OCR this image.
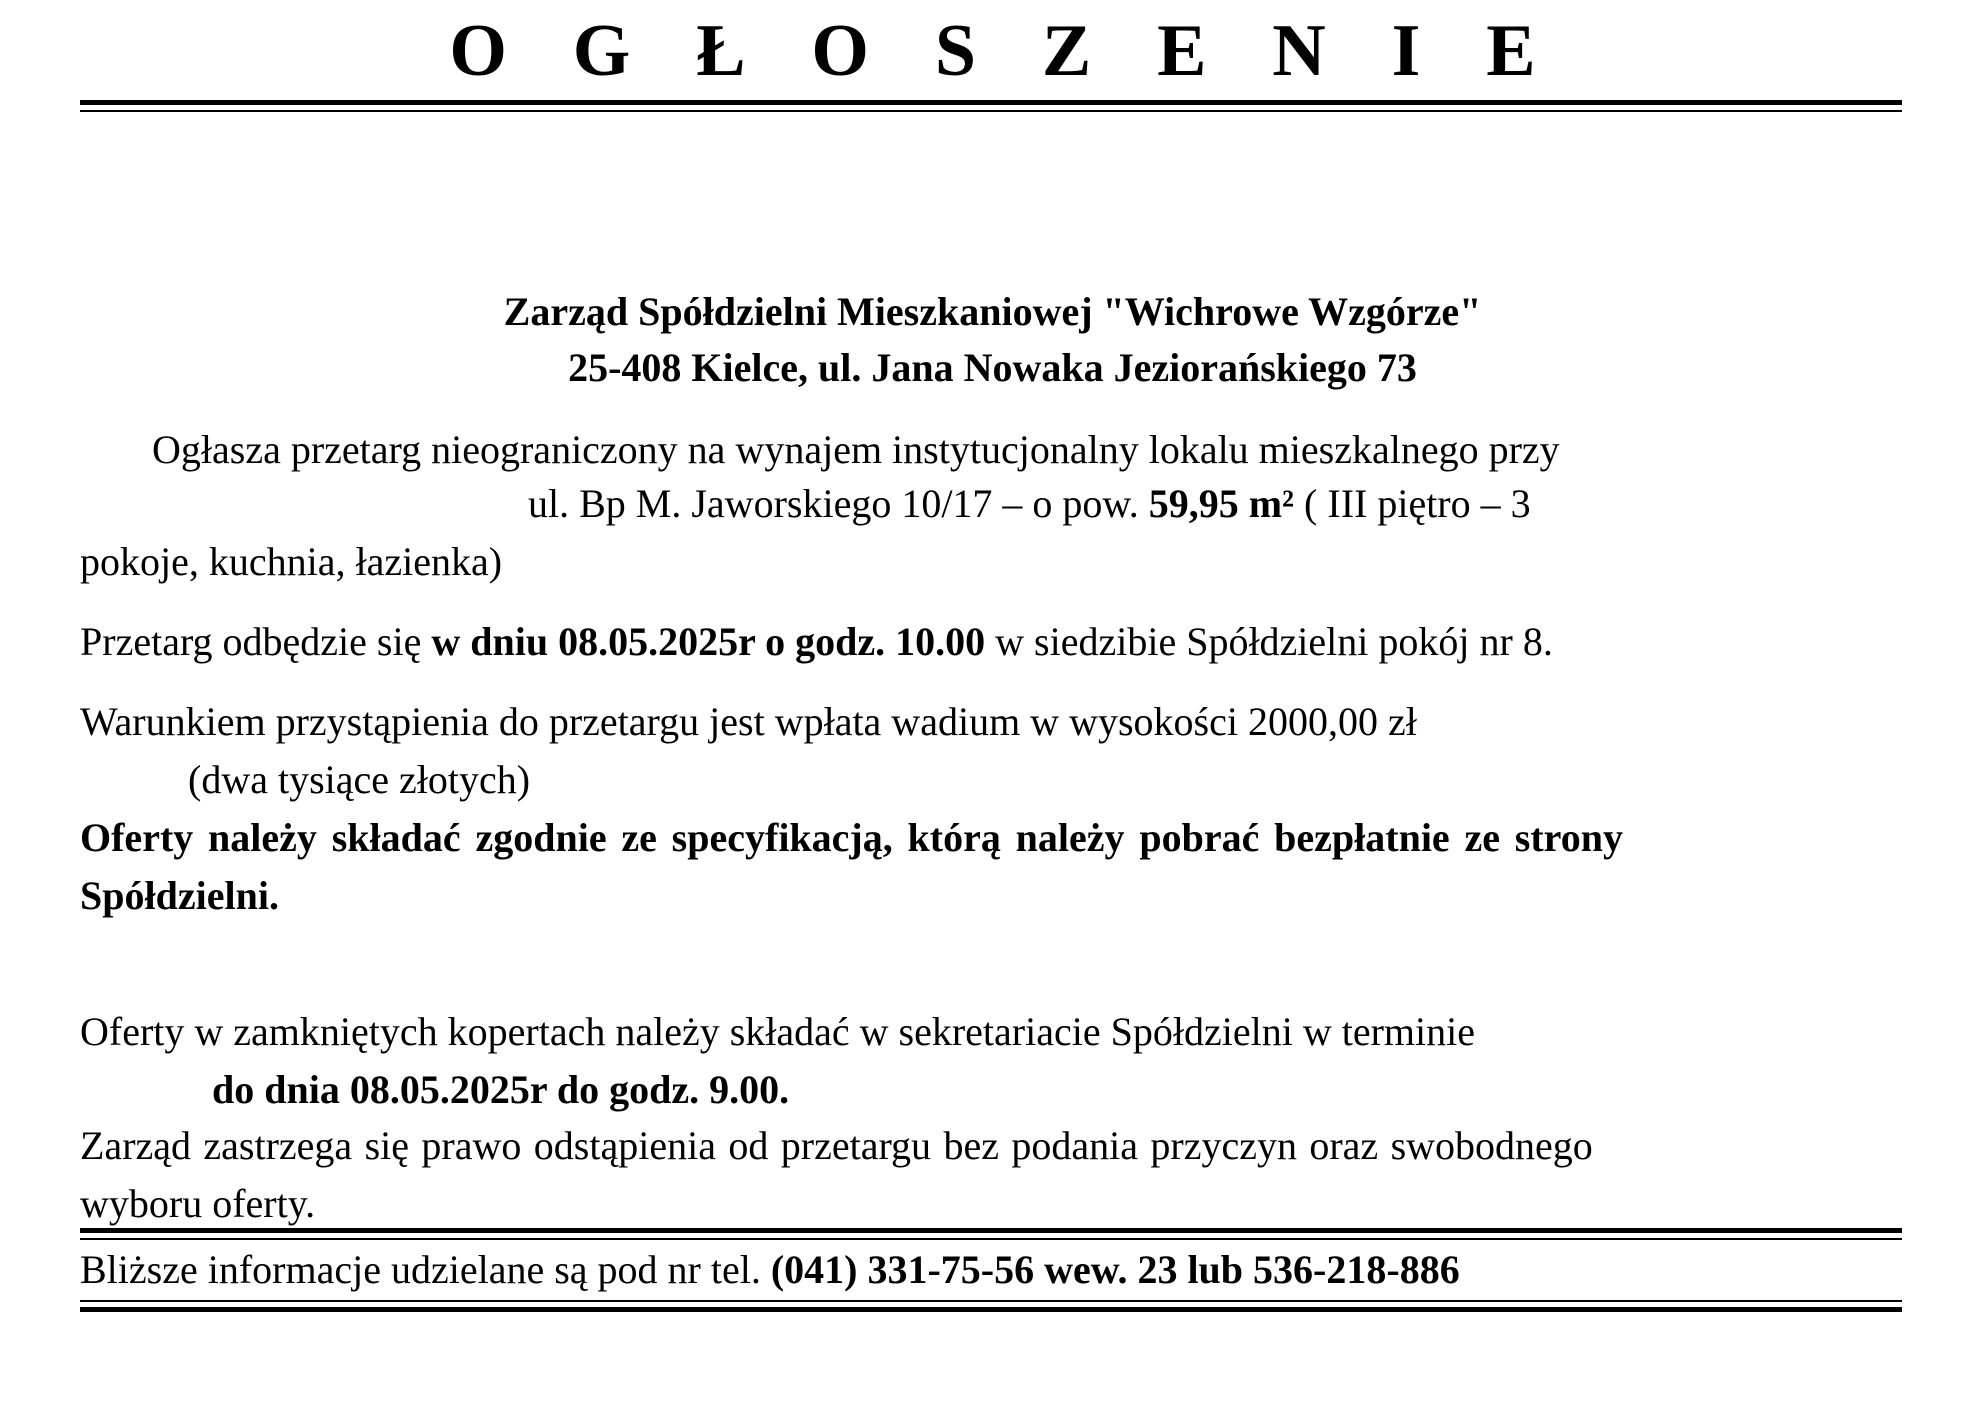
O G Ł O S Z E N I E
Zarząd Spółdzielni Mieszkaniowej "Wichrowe Wzgórze"
25-408 Kielce, ul. Jana Nowaka Jeziorańskiego 73
Ogłasza przetarg nieograniczony na wynajem instytucjonalny lokalu mieszkalnego przy
ul. Bp M. Jaworskiego 10/17 – o pow. 59,95 m² ( III piętro – 3
pokoje, kuchnia, łazienka)
Przetarg odbędzie się w dniu 08.05.2025r o godz. 10.00 w siedzibie Spółdzielni pokój nr 8.
Warunkiem przystąpienia do przetargu jest wpłata wadium w wysokości 2000,00 zł
(dwa tysiące złotych)
Oferty należy składać zgodnie ze specyfikacją, którą należy pobrać bezpłatnie ze strony
Spółdzielni.
Oferty w zamkniętych kopertach należy składać w sekretariacie Spółdzielni w terminie
do dnia 08.05.2025r do godz. 9.00.
Zarząd zastrzega się prawo odstąpienia od przetargu bez podania przyczyn oraz swobodnego
wyboru oferty.
Bliższe informacje udzielane są pod nr tel. (041) 331-75-56 wew. 23 lub 536-218-886
